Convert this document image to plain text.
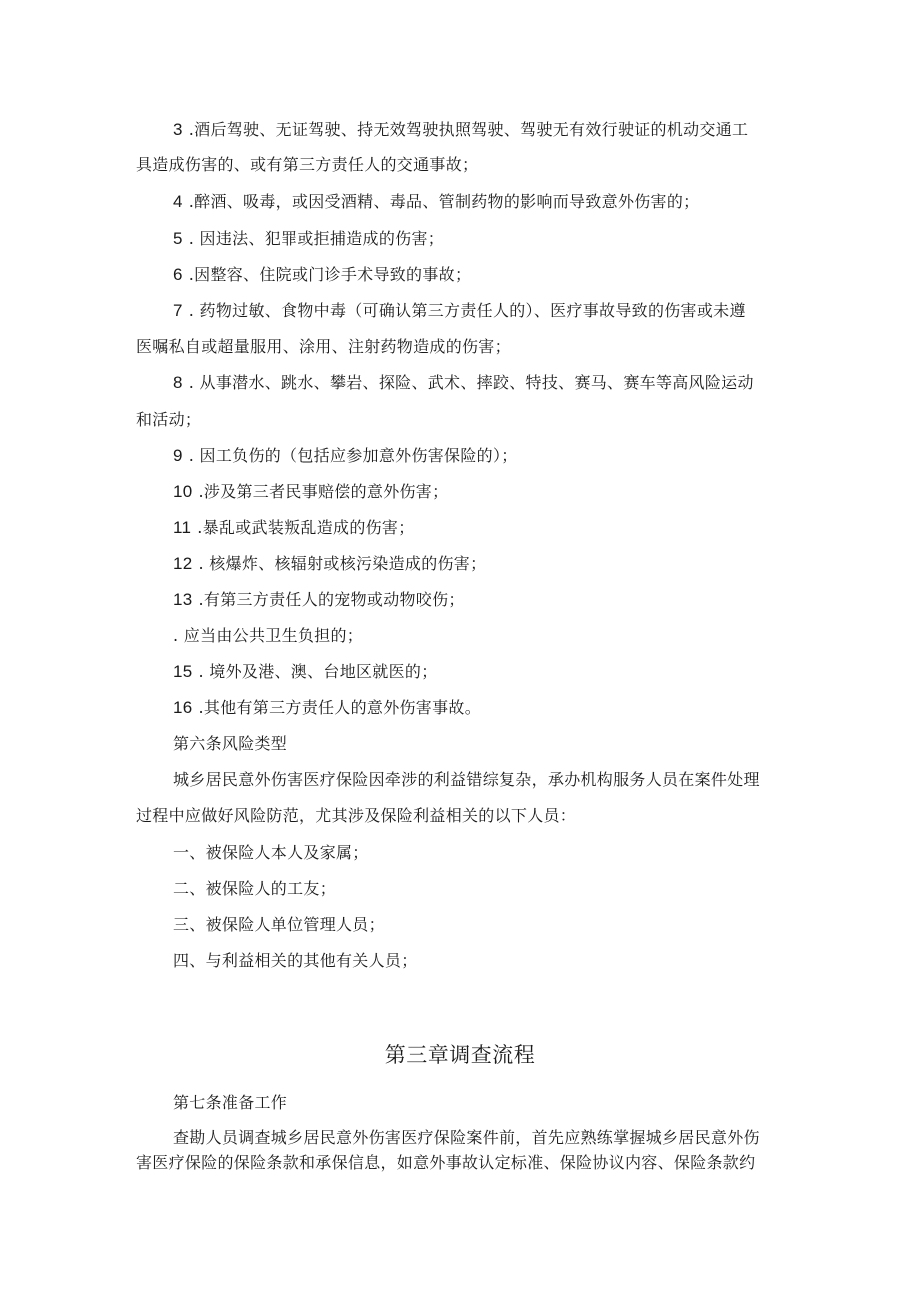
3 .酒后驾驶、无证驾驶、持无效驾驶执照驾驶、驾驶无有效行驶证的机动交通工
具造成伤害的、或有第三方责任人的交通事故；
4 .醉酒、吸毒，或因受酒精、毒品、管制药物的影响而导致意外伤害的；
5 . 因违法、犯罪或拒捕造成的伤害；
6 .因整容、住院或门诊手术导致的事故；
7 . 药物过敏、食物中毒（可确认第三方责任人的）、医疗事故导致的伤害或未遵
医嘱私自或超量服用、涂用、注射药物造成的伤害；
8 . 从事潜水、跳水、攀岩、探险、武术、摔跤、特技、赛马、赛车等高风险运动
和活动；
9 . 因工负伤的（包括应参加意外伤害保险的）；
10 .涉及第三者民事赔偿的意外伤害；
11 .暴乱或武装叛乱造成的伤害；
12 . 核爆炸、核辐射或核污染造成的伤害；
13 .有第三方责任人的宠物或动物咬伤；
. 应当由公共卫生负担的；
15 . 境外及港、澳、台地区就医的；
16 .其他有第三方责任人的意外伤害事故。
第六条风险类型
城乡居民意外伤害医疗保险因牵涉的利益错综复杂，承办机构服务人员在案件处理
过程中应做好风险防范，尤其涉及保险利益相关的以下人员：
一、被保险人本人及家属；
二、被保险人的工友；
三、被保险人单位管理人员；
四、与利益相关的其他有关人员；
第三章调查流程
第七条准备工作
查勘人员调查城乡居民意外伤害医疗保险案件前，首先应熟练掌握城乡居民意外伤
害医疗保险的保险条款和承保信息，如意外事故认定标准、保险协议内容、保险条款约
